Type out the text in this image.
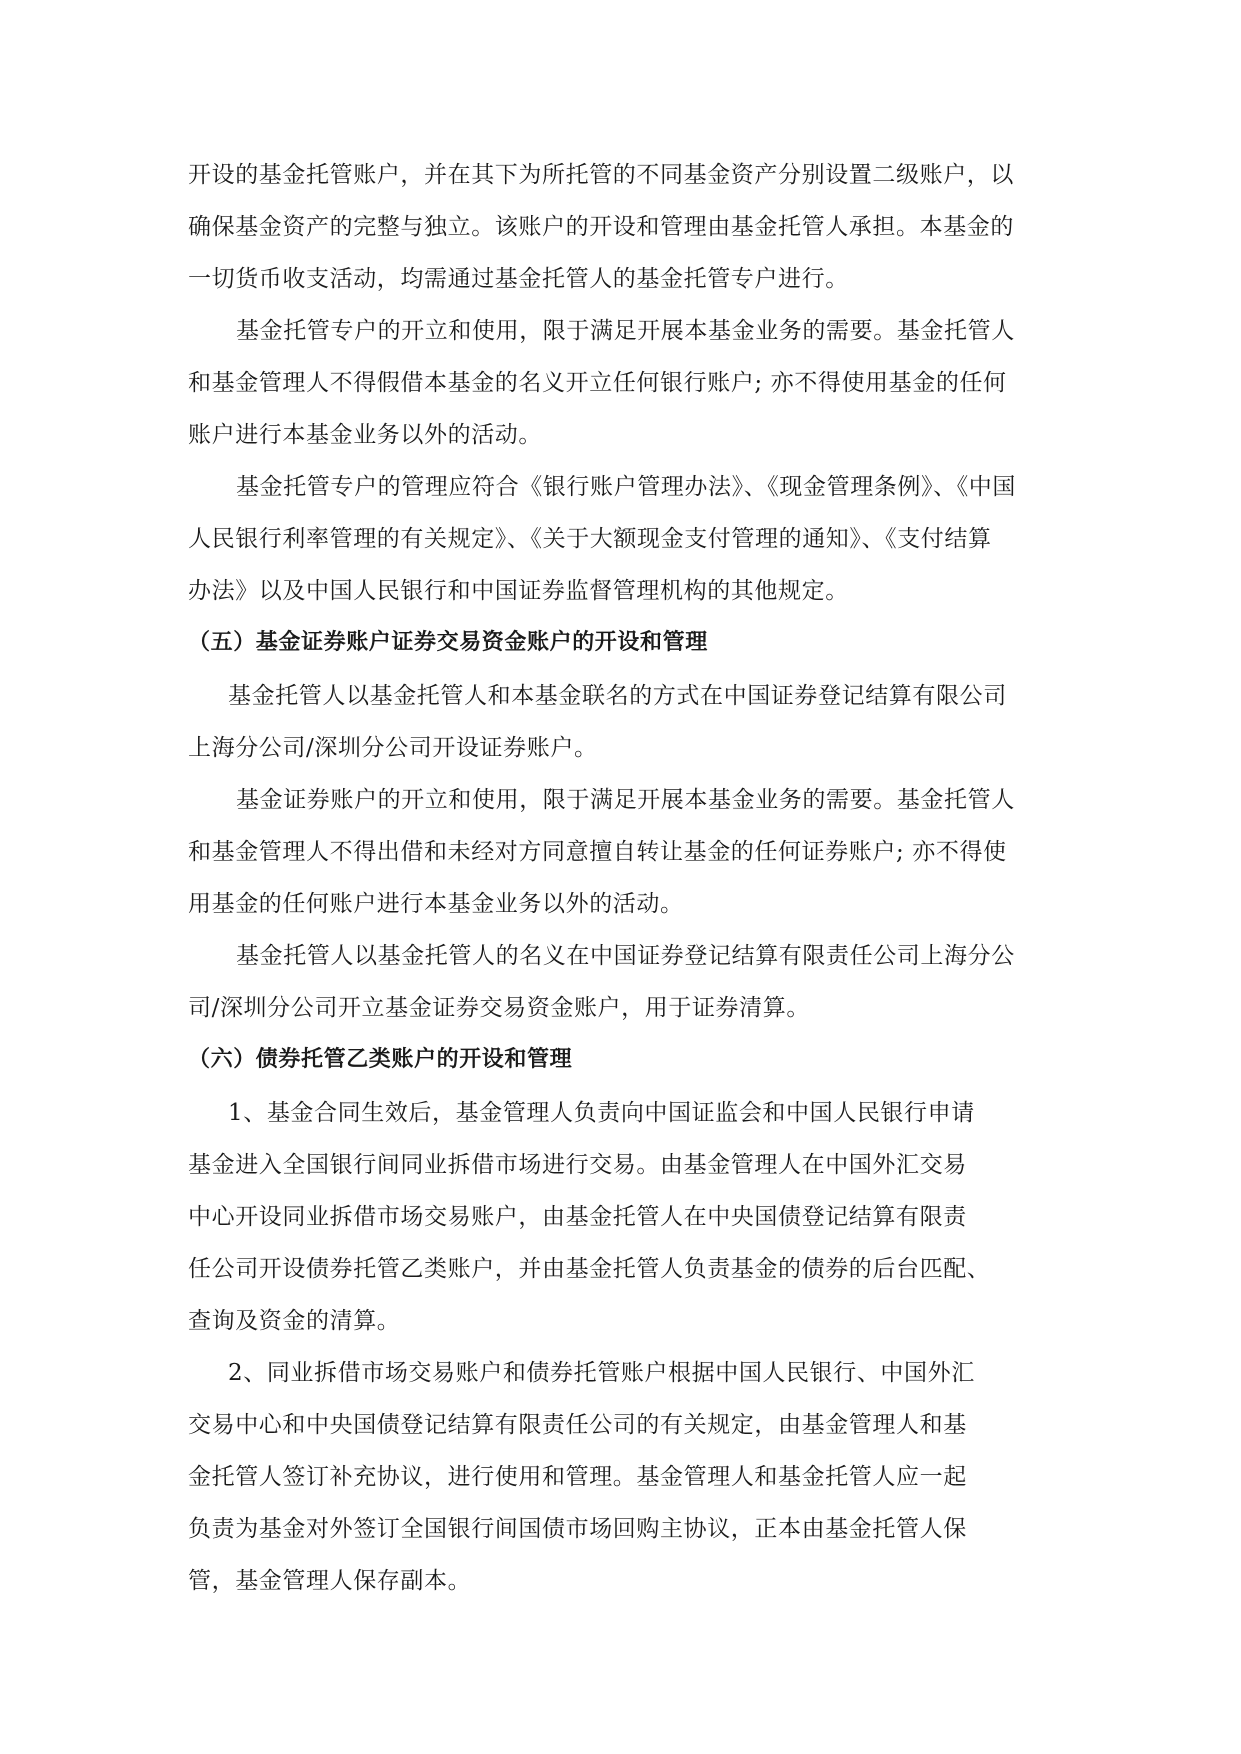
开设的基金托管账户，并在其下为所托管的不同基金资产分别设置二级账户，以

确保基金资产的完整与独立。该账户的开设和管理由基金托管人承担。本基金的

一切货币收支活动，均需通过基金托管人的基金托管专户进行。

基金托管专户的开立和使用，限于满足开展本基金业务的需要。基金托管人

和基金管理人不得假借本基金的名义开立任何银行账户; 亦不得使用基金的任何

账户进行本基金业务以外的活动。

基金托管专户的管理应符合《银行账户管理办法》、《现金管理条例》、《中国

人民银行利率管理的有关规定》、《关于大额现金支付管理的通知》、《支付结算

办法》以及中国人民银行和中国证券监督管理机构的其他规定。

（五）基金证券账户证券交易资金账户的开设和管理

基金托管人以基金托管人和本基金联名的方式在中国证券登记结算有限公司

上海分公司/深圳分公司开设证券账户。

基金证券账户的开立和使用，限于满足开展本基金业务的需要。基金托管人

和基金管理人不得出借和未经对方同意擅自转让基金的任何证券账户; 亦不得使

用基金的任何账户进行本基金业务以外的活动。

基金托管人以基金托管人的名义在中国证券登记结算有限责任公司上海分公

司/深圳分公司开立基金证券交易资金账户，用于证券清算。

（六）债券托管乙类账户的开设和管理

1、基金合同生效后，基金管理人负责向中国证监会和中国人民银行申请

基金进入全国银行间同业拆借市场进行交易。由基金管理人在中国外汇交易

中心开设同业拆借市场交易账户，由基金托管人在中央国债登记结算有限责

任公司开设债券托管乙类账户，并由基金托管人负责基金的债券的后台匹配、

查询及资金的清算。

2、同业拆借市场交易账户和债券托管账户根据中国人民银行、中国外汇

交易中心和中央国债登记结算有限责任公司的有关规定，由基金管理人和基

金托管人签订补充协议，进行使用和管理。基金管理人和基金托管人应一起

负责为基金对外签订全国银行间国债市场回购主协议，正本由基金托管人保

管，基金管理人保存副本。
